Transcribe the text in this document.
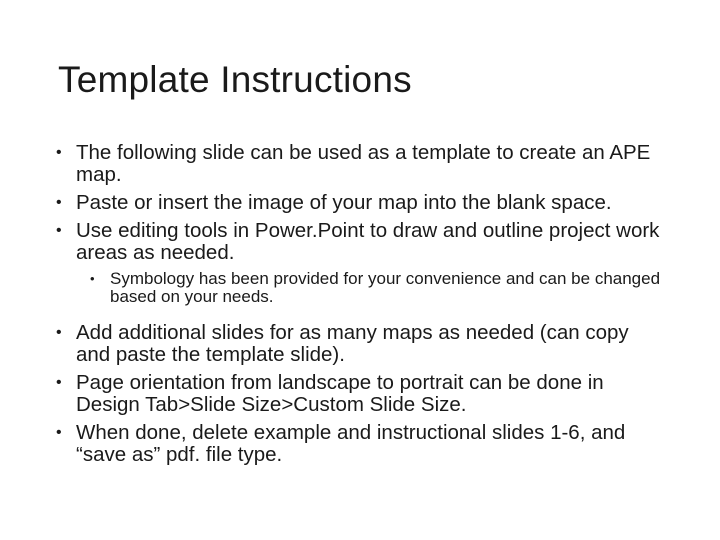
Template Instructions
• The following slide can be used as a template to create an APE map.
• Paste or insert the image of your map into the blank space.
• Use editing tools in Power.Point to draw and outline project work areas as needed.
• Symbology has been provided for your convenience and can be changed based on your needs.
• Add additional slides for as many maps as needed (can copy and paste the template slide).
• Page orientation from landscape to portrait can be done in Design Tab>Slide Size>Custom Slide Size.
• When done, delete example and instructional slides 1-6, and “save as” pdf. file type.
